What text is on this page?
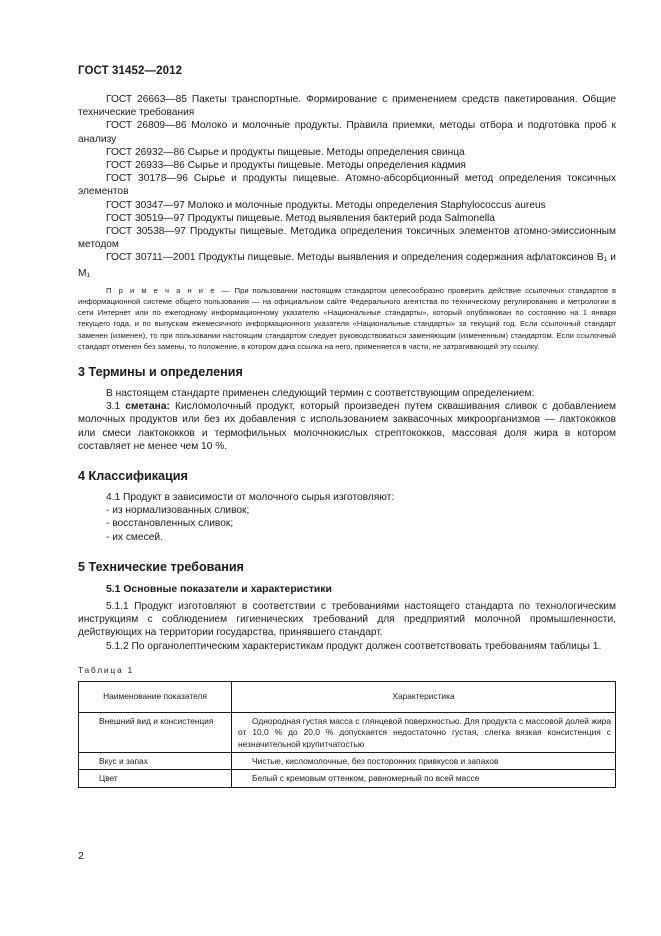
ГОСТ 31452—2012

ГОСТ 26663—85 Пакеты транспортные. Формирование с применением средств пакетирования. Общие технические требования

ГОСТ 26809—86 Молоко и молочные продукты. Правила приемки, методы отбора и подготовка проб к анализу

ГОСТ 26932—86 Сырье и продукты пищевые. Методы определения свинца

ГОСТ 26933—86 Сырье и продукты пищевые. Методы определения кадмия

ГОСТ 30178—96 Сырье и продукты пищевые. Атомно-абсорбционный метод определения токсичных элементов

ГОСТ 30347—97 Молоко и молочные продукты. Методы определения Staphylococcus aureus

ГОСТ 30519—97 Продукты пищевые. Метод выявления бактерий рода Salmonella

ГОСТ 30538—97 Продукты пищевые. Методика определения токсичных элементов атомно-эмиссионным методом

ГОСТ 30711—2001 Продукты пищевые. Методы выявления и определения содержания афлатоксинов $В_1$ и $М_1$

П р и м е ч а н и е — При пользовании настоящим стандартом целесообразно проверить действие ссылочных стандартов в информационной системе общего пользования — на официальном сайте Федерального агентства по техническому регулированию и метрологии в сети Интернет или по ежегодному информационному указателю «Национальные стандарты», который опубликован по состоянию на 1 января текущего года, и по выпускам ежемесячного информационного указателя «Национальные стандарты» за текущий год. Если ссылочный стандарт заменен (изменен), то при пользовании настоящим стандартом следует руководствоваться заменяющим (измененным) стандартом. Если ссылочный стандарт отменен без замены, то положение, в котором дана ссылка на него, применяется в части, не затрагивающей эту ссылку.

3 Термины и определения

В настоящем стандарте применен следующий термин с соответствующим определением:

3.1 сметана: Кисломолочный продукт, который произведен путем сквашивания сливок с добавлением молочных продуктов или без их добавления с использованием заквасочных микроорганизмов — лактококков или смеси лактококков и термофильных молочнокислых стрептококков, массовая доля жира в котором составляет не менее чем 10 %.

4 Классификация

4.1 Продукт в зависимости от молочного сырья изготовляют:

- из нормализованных сливок;

- восстановленных сливок;

- их смесей.

5 Технические требования
5.1 Основные показатели и характеристики

5.1.1 Продукт изготовляют в соответствии с требованиями настоящего стандарта по технологическим инструкциям с соблюдением гигиенических требований для предприятий молочной промышленности, действующих на территории государства, принявшего стандарт.

5.1.2 По органолептическим характеристикам продукт должен соответствовать требованиям таблицы 1.

Таблица 1
Наименование показателя	Характеристика

Внешний вид и консистенция	Однородная густая масса с глянцевой поверхностью. Для продукта с массовой долей жира от 10,0 % до 20,0 % допускается недостаточно густая, слегка вязкая консистенция с незначительной крупитчатостью

Вкус и запах	Чистые, кисломолочные, без посторонних привкусов и запахов

Цвет	Белый с кремовым оттенком, равномерный по всей массе
2
